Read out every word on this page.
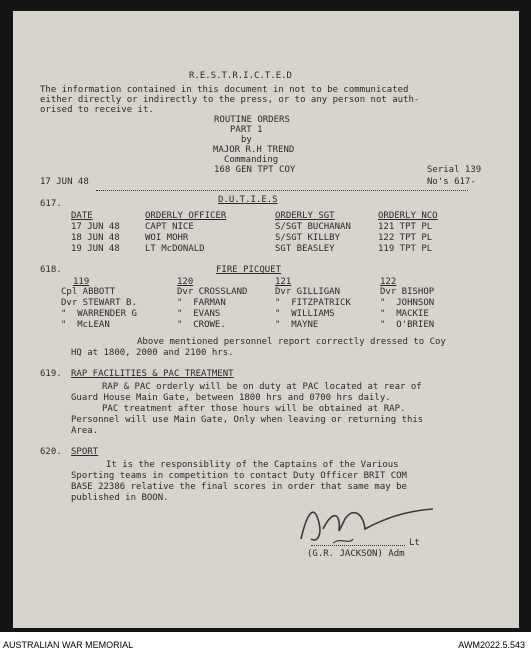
R.E.S.T.R.I.C.T.E.D
The information contained in this document in not to be communicated
either directly or indirectly to the press, or to any person not auth-
orised to receive it.
ROUTINE ORDERS
PART 1
by
MAJOR R.H TREND
Commanding
168 GEN TPT COY	Serial 139
17 JUN 48	No's 617-
617.	D.U.T.I.E.S
DATE	ORDERLY OFFICER	ORDERLY SGT	ORDERLY NCO
17 JUN 48	CAPT NICE	S/SGT BUCHANAN	121 TPT PL
18 JUN 48	WOI MOHR	S/SGT KILLBY	122 TPT PL
19 JUN 48	LT McDONALD	SGT BEASLEY	119 TPT PL
618.	FIRE PICQUET
119	120	121	122
Cpl ABBOTT	Dvr CROSSLAND	Dvr GILLIGAN	Dvr BISHOP
Dvr STEWART B.	"  FARMAN	"  FITZPATRICK	"  JOHNSON
"  WARRENDER G	"  EVANS	"  WILLIAMS	"  MACKIE
"  McLEAN	"  CROWE.	"  MAYNE	"  O'BRIEN
Above mentioned personnel report correctly dressed to Coy
HQ at 1800, 2000 and 2100 hrs.
619. RAP FACILITIES & PAC TREATMENT
RAP & PAC orderly will be on duty at PAC located at rear of
Guard House Main Gate, between 1800 hrs and 0700 hrs daily.
PAC treatment after those hours will be obtained at RAP.
Personnel will use Main Gate, Only when leaving or returning this
Area.
620. SPORT
It is the responsiblity of the Captains of the Various
Sporting teams in competition to contact Duty Officer BRIT COM
BASE 22386 relative the final scores in order that same may be
published in BOON.
Lt
(G.R. JACKSON) Adm
AUSTRALIAN WAR MEMORIAL	AWM2022.5.543
